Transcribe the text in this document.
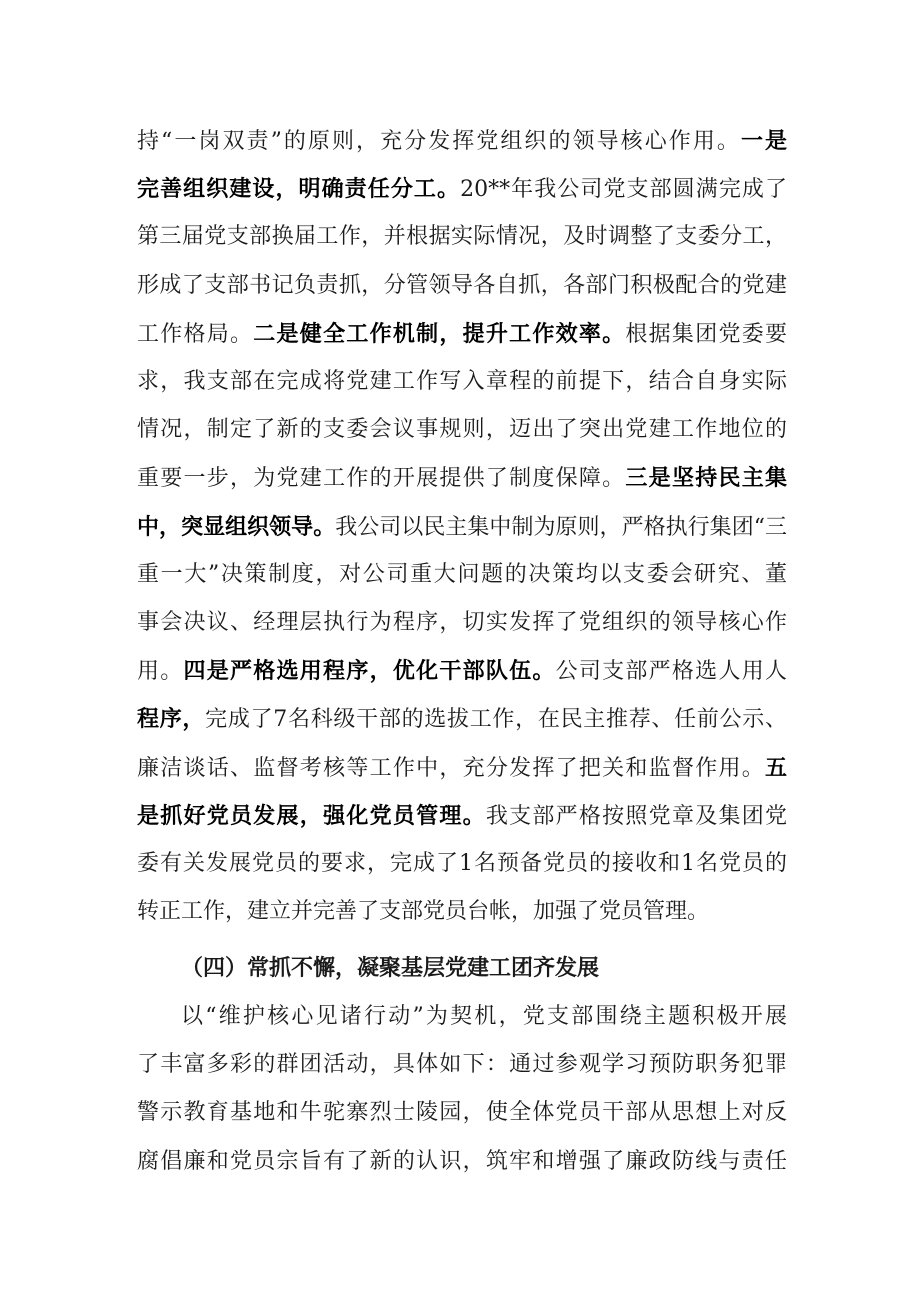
持“一岗双责”的原则，充分发挥党组织的领导核心作用。一是
完善组织建设，明确责任分工。20**年我公司党支部圆满完成了
第三届党支部换届工作，并根据实际情况，及时调整了支委分工，
形成了支部书记负责抓，分管领导各自抓，各部门积极配合的党建
工作格局。二是健全工作机制，提升工作效率。根据集团党委要
求，我支部在完成将党建工作写入章程的前提下，结合自身实际
情况，制定了新的支委会议事规则，迈出了突出党建工作地位的
重要一步，为党建工作的开展提供了制度保障。三是坚持民主集
中，突显组织领导。我公司以民主集中制为原则，严格执行集团“三
重一大”决策制度，对公司重大问题的决策均以支委会研究、董
事会决议、经理层执行为程序，切实发挥了党组织的领导核心作
用。四是严格选用程序，优化干部队伍。公司支部严格选人用人
程序，完成了7名科级干部的选拔工作，在民主推荐、任前公示、
廉洁谈话、监督考核等工作中，充分发挥了把关和监督作用。五
是抓好党员发展，强化党员管理。我支部严格按照党章及集团党
委有关发展党员的要求，完成了1名预备党员的接收和1名党员的
转正工作，建立并完善了支部党员台帐，加强了党员管理。
（四）常抓不懈，凝聚基层党建工团齐发展
以“维护核心见诸行动”为契机，党支部围绕主题积极开展
了丰富多彩的群团活动，具体如下：通过参观学习预防职务犯罪
警示教育基地和牛驼寨烈士陵园，使全体党员干部从思想上对反
腐倡廉和党员宗旨有了新的认识，筑牢和增强了廉政防线与责任
